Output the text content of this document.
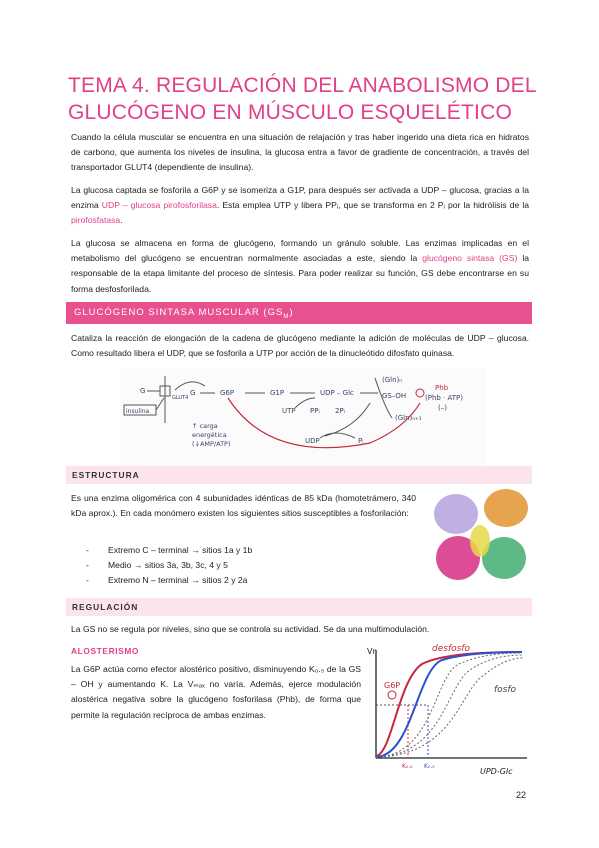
TEMA 4. REGULACIÓN DEL ANABOLISMO DEL GLUCÓGENO EN MÚSCULO ESQUELÉTICO
Cuando la célula muscular se encuentra en una situación de relajación y tras haber ingerido una dieta rica en hidratos de carbono, que aumenta los niveles de insulina, la glucosa entra a favor de gradiente de concentración, a través del transportador GLUT4 (dependiente de insulina).
La glucosa captada se fosforila a G6P y se isomeriza a G1P, para después ser activada a UDP – glucosa, gracias a la enzima UDP – glucosa pirofosforilasa. Esta emplea UTP y libera PPᵢ, que se transforma en 2 Pᵢ por la hidrólisis de la pirofosfatasa.
La glucosa se almacena en forma de glucógeno, formando un gránulo soluble. Las enzimas implicadas en el metabolismo del glucógeno se encuentran normalmente asociadas a este, siendo la glucógeno sintasa (GS) la responsable de la etapa limitante del proceso de síntesis. Para poder realizar su función, GS debe encontrarse en su forma desfosforilada.
GLUCÓGENO SINTASA MUSCULAR $(GS_M)$
Cataliza la reacción de elongación de la cadena de glucógeno mediante la adición de moléculas de UDP – glucosa. Como resultado libera el UDP, que se fosforila a UTP por acción de la dinucleótido difosfato quinasa.
G
GLUT4
insulina
G	G6P	G1P	UDP – Glc
(Gln)ₙ
GS–OH
(Gln)ₙ₊₁
UTP PPᵢ 2Pᵢ
UDP	Pᵢ
Phb
(Phb · ATP)
(–)
↑ carga
energética
(↓AMP/ATP)
ESTRUCTURA
Es una enzima oligomérica con 4 subunidades idénticas de 85 kDa (homotetrámero, 340 kDa aprox.). En cada monómero existen los siguientes sitios susceptibles a fosforilación:
- Extremo C – terminal → sitios 1a y 1b
- Medio → sitios 3a, 3b, 3c, 4 y 5
- Extremo N – terminal → sitios 2 y 2a
REGULACIÓN
La GS no se regula por niveles, sino que se controla su actividad. Se da una multimodulación.
ALOSTERISMO
La G6P actúa como efector alostérico positivo, disminuyendo K₀.₅ de la GS – OH y aumentando K. La Vₘₐₓ no varía. Además, ejerce modulación alostérica negativa sobre la glucógeno fosforilasa (Phb), de forma que permite la regulación recíproca de ambas enzimas.
Vr
UPD-Glc
desfosfo
fosfo
G6P
K₀.₅ K₀.₅
22
